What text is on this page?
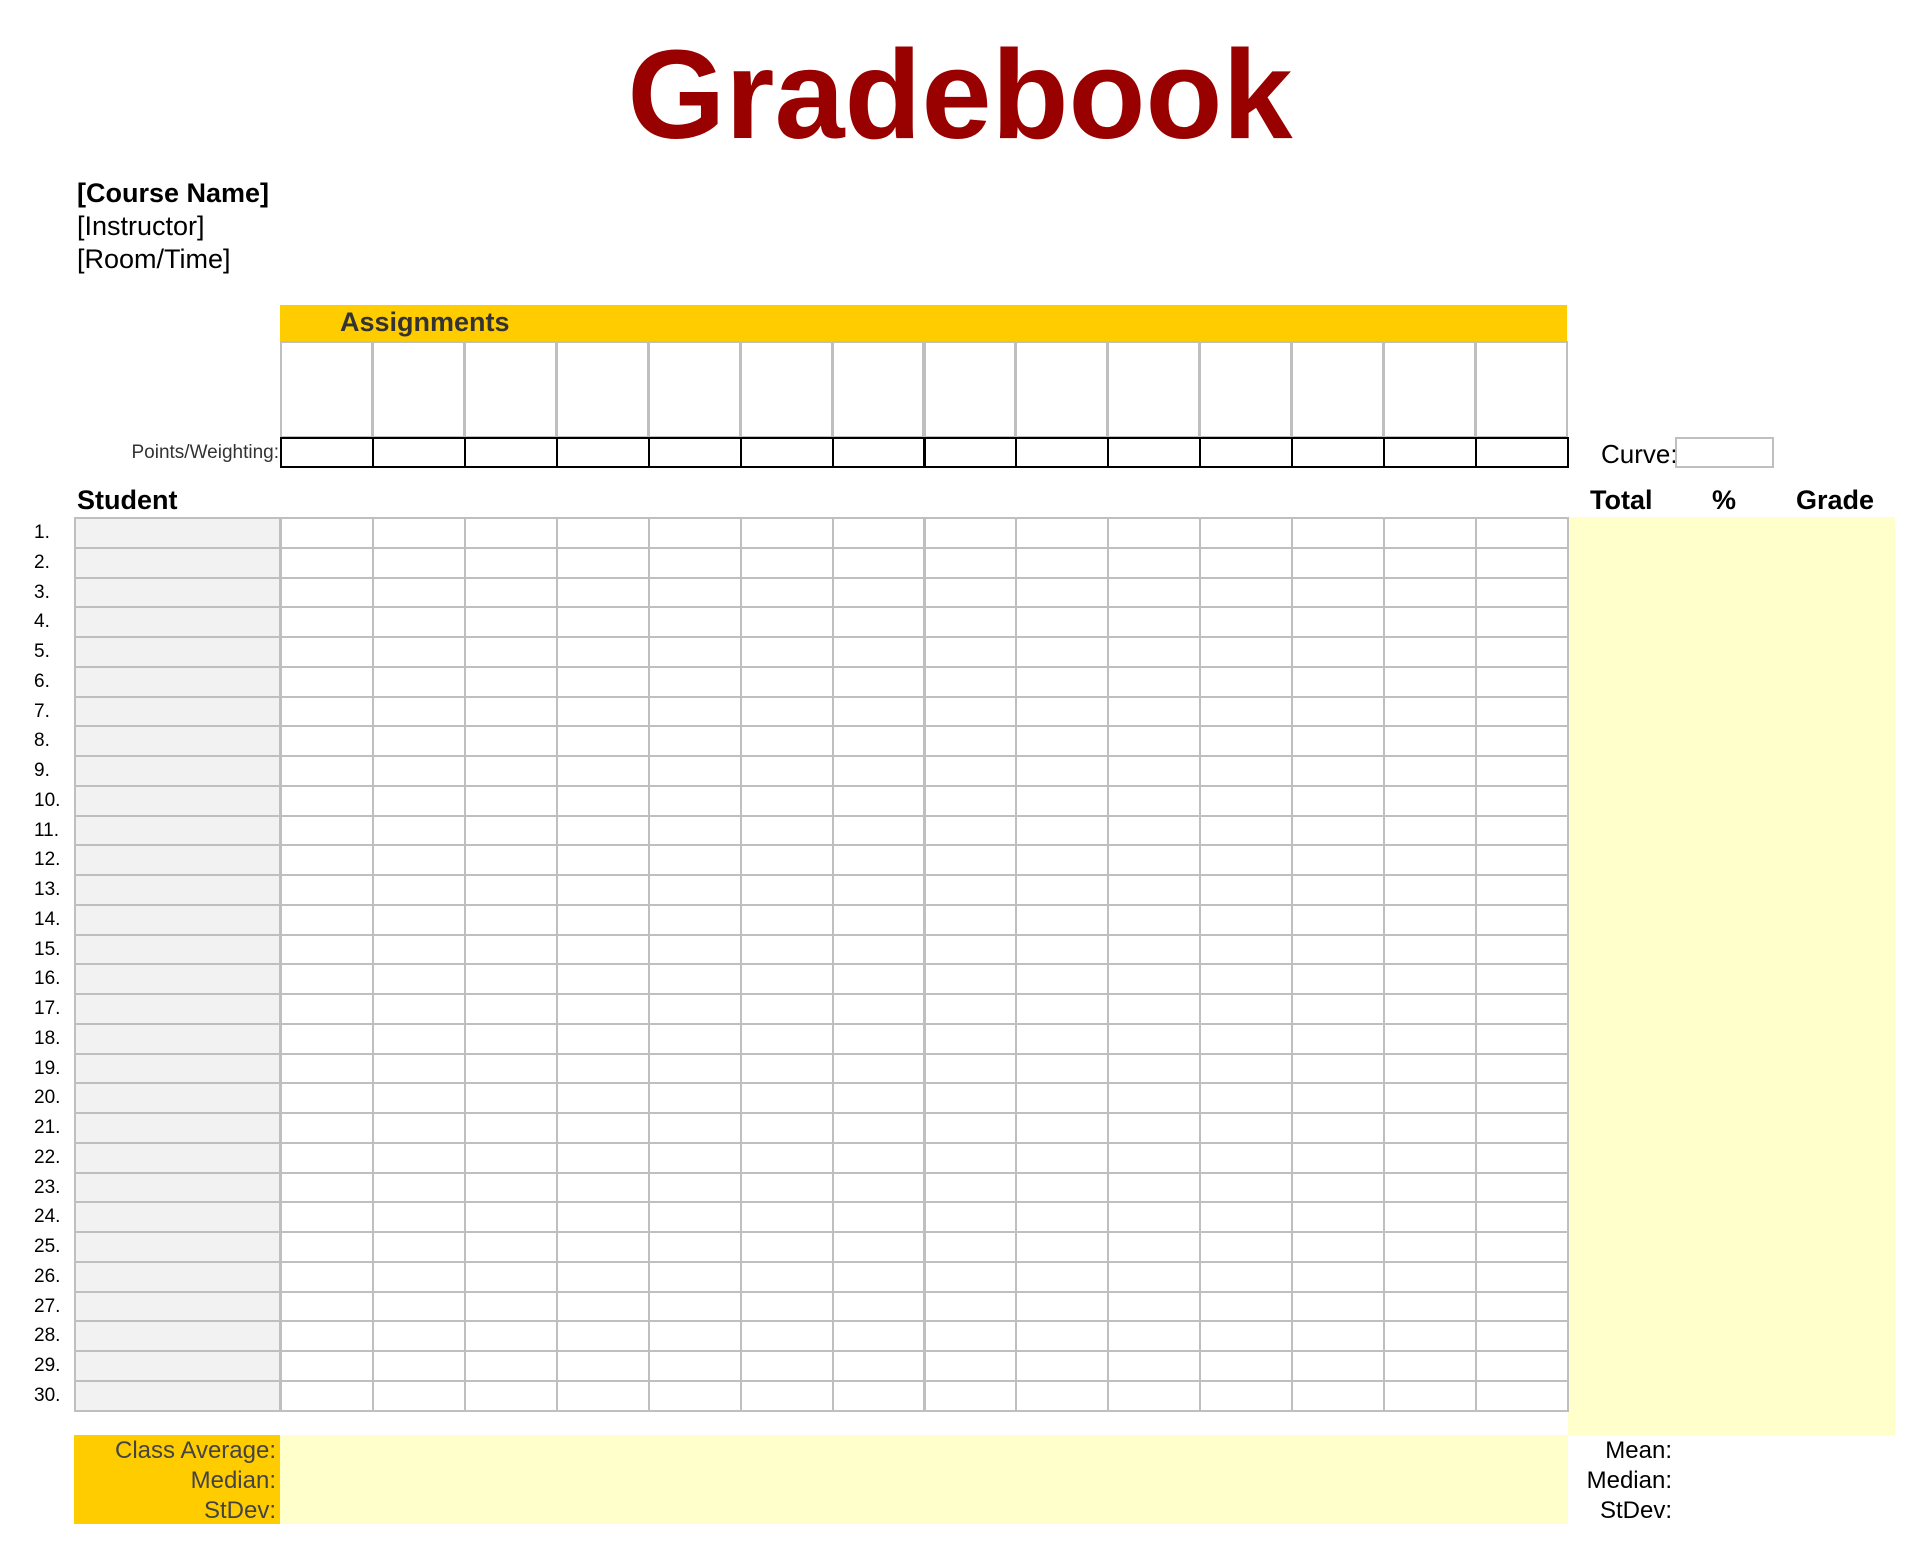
Gradebook
[Course Name]
[Instructor]
[Room/Time]
Assignments
Points/Weighting:	Curve:
Student	Total % Grade
1.
2.
3.
4.
5.
6.
7.
8.
9.
10.
11.
12.
13.
14.
15.
16.
17.
18.
19.
20.
21.
22.
23.
24.
25.
26.
27.
28.
29.
30.
Class Average:
Median:
StDev:
Mean:
Median:
StDev:
